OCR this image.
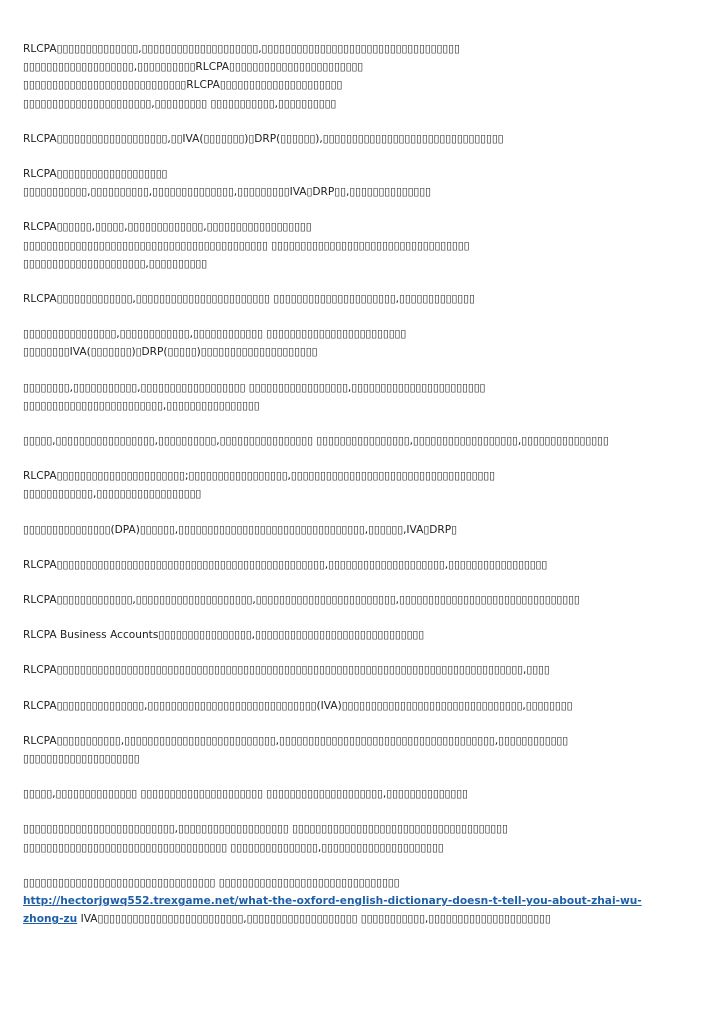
RLCPA▯▯▯▯▯▯▯▯▯▯▯▯▯▯,▯▯▯▯▯▯▯▯▯▯▯▯▯▯▯▯▯▯▯▯,▯▯▯▯▯▯▯▯▯▯▯▯▯▯▯▯▯▯▯▯▯▯▯▯▯▯▯▯▯▯▯▯▯▯
▯▯▯▯▯▯▯▯▯▯▯▯▯▯▯▯▯▯▯,▯▯▯▯▯▯▯▯▯▯RLCPA▯▯▯▯▯▯▯▯▯▯▯▯▯▯▯▯▯▯▯▯▯▯▯
▯▯▯▯▯▯▯▯▯▯▯▯▯▯▯▯▯▯▯▯▯▯▯▯▯▯▯▯RLCPA▯▯▯▯▯▯▯▯▯▯▯▯▯▯▯▯▯▯▯▯▯
▯▯▯▯▯▯▯▯▯▯▯▯▯▯▯▯▯▯▯▯▯▯,▯▯▯▯▯▯▯▯▯ ▯▯▯▯▯▯▯▯▯▯▯,▯▯▯▯▯▯▯▯▯▯
RLCPA▯▯▯▯▯▯▯▯▯▯▯▯▯▯▯▯▯▯▯,▯▯IVA(▯▯▯▯▯▯▯)▯DRP(▯▯▯▯▯▯),▯▯▯▯▯▯▯▯▯▯▯▯▯▯▯▯▯▯▯▯▯▯▯▯▯▯▯▯▯▯▯
RLCPA▯▯▯▯▯▯▯▯▯▯▯▯▯▯▯▯▯▯▯
▯▯▯▯▯▯▯▯▯▯▯,▯▯▯▯▯▯▯▯▯▯,▯▯▯▯▯▯▯▯▯▯▯▯▯▯,▯▯▯▯▯▯▯▯▯IVA▯DRP▯▯,▯▯▯▯▯▯▯▯▯▯▯▯▯▯
RLCPA▯▯▯▯▯▯,▯▯▯▯▯,▯▯▯▯▯▯▯▯▯▯▯▯▯,▯▯▯▯▯▯▯▯▯▯▯▯▯▯▯▯▯▯
▯▯▯▯▯▯▯▯▯▯▯▯▯▯▯▯▯▯▯▯▯▯▯▯▯▯▯▯▯▯▯▯▯▯▯▯▯▯▯▯▯▯ ▯▯▯▯▯▯▯▯▯▯▯▯▯▯▯▯▯▯▯▯▯▯▯▯▯▯▯▯▯▯▯▯▯▯
▯▯▯▯▯▯▯▯▯▯▯▯▯▯▯▯▯▯▯▯▯,▯▯▯▯▯▯▯▯▯▯
RLCPA▯▯▯▯▯▯▯▯▯▯▯▯▯,▯▯▯▯▯▯▯▯▯▯▯▯▯▯▯▯▯▯▯▯▯▯▯ ▯▯▯▯▯▯▯▯▯▯▯▯▯▯▯▯▯▯▯▯▯,▯▯▯▯▯▯▯▯▯▯▯▯▯
▯▯▯▯▯▯▯▯▯▯▯▯▯▯▯▯,▯▯▯▯▯▯▯▯▯▯▯▯,▯▯▯▯▯▯▯▯▯▯▯▯ ▯▯▯▯▯▯▯▯▯▯▯▯▯▯▯▯▯▯▯▯▯▯▯▯
▯▯▯▯▯▯▯▯IVA(▯▯▯▯▯▯▯)▯DRP(▯▯▯▯▯)▯▯▯▯▯▯▯▯▯▯▯▯▯▯▯▯▯▯▯▯
▯▯▯▯▯▯▯▯,▯▯▯▯▯▯▯▯▯▯▯,▯▯▯▯▯▯▯▯▯▯▯▯▯▯▯▯▯▯ ▯▯▯▯▯▯▯▯▯▯▯▯▯▯▯▯▯,▯▯▯▯▯▯▯▯▯▯▯▯▯▯▯▯▯▯▯▯▯▯▯
▯▯▯▯▯▯▯▯▯▯▯▯▯▯▯▯▯▯▯▯▯▯▯▯,▯▯▯▯▯▯▯▯▯▯▯▯▯▯▯▯
▯▯▯▯▯,▯▯▯▯▯▯▯▯▯▯▯▯▯▯▯▯▯,▯▯▯▯▯▯▯▯▯▯,▯▯▯▯▯▯▯▯▯▯▯▯▯▯▯▯ ▯▯▯▯▯▯▯▯▯▯▯▯▯▯▯▯,▯▯▯▯▯▯▯▯▯▯▯▯▯▯▯▯▯▯,▯▯▯▯▯▯▯▯▯▯▯▯▯▯▯
RLCPA▯▯▯▯▯▯▯▯▯▯▯▯▯▯▯▯▯▯▯▯▯▯;▯▯▯▯▯▯▯▯▯▯▯▯▯▯▯▯▯,▯▯▯▯▯▯▯▯▯▯▯▯▯▯▯▯▯▯▯▯▯▯▯▯▯▯▯▯▯▯▯▯▯▯▯
▯▯▯▯▯▯▯▯▯▯▯▯,▯▯▯▯▯▯▯▯▯▯▯▯▯▯▯▯▯▯
▯▯▯▯▯▯▯▯▯▯▯▯▯▯▯(DPA)▯▯▯▯▯▯,▯▯▯▯▯▯▯▯▯▯▯▯▯▯▯▯▯▯▯▯▯▯▯▯▯▯▯▯▯▯▯▯,▯▯▯▯▯▯,IVA▯DRP▯
RLCPA▯▯▯▯▯▯▯▯▯▯▯▯▯▯▯▯▯▯▯▯▯▯▯▯▯▯▯▯▯▯▯▯▯▯▯▯▯▯▯▯▯▯▯▯▯▯,▯▯▯▯▯▯▯▯▯▯▯▯▯▯▯▯▯▯▯▯,▯▯▯▯▯▯▯▯▯▯▯▯▯▯▯▯▯
RLCPA▯▯▯▯▯▯▯▯▯▯▯▯▯,▯▯▯▯▯▯▯▯▯▯▯▯▯▯▯▯▯▯▯▯,▯▯▯▯▯▯▯▯▯▯▯▯▯▯▯▯▯▯▯▯▯▯▯▯,▯▯▯▯▯▯▯▯▯▯▯▯▯▯▯▯▯▯▯▯▯▯▯▯▯▯▯▯▯▯▯
RLCPA Business Accounts▯▯▯▯▯▯▯▯▯▯▯▯▯▯▯▯,▯▯▯▯▯▯▯▯▯▯▯▯▯▯▯▯▯▯▯▯▯▯▯▯▯▯▯▯▯
RLCPA▯▯▯▯▯▯▯▯▯▯▯▯▯▯▯▯▯▯▯▯▯▯▯▯▯▯▯▯▯▯▯▯▯▯▯▯▯▯▯▯▯▯▯▯▯▯▯▯▯▯▯▯▯▯▯▯▯▯▯▯▯▯▯▯▯▯▯▯▯▯▯▯▯▯▯▯▯▯▯▯,▯▯▯▯
RLCPA▯▯▯▯▯▯▯▯▯▯▯▯▯▯▯,▯▯▯▯▯▯▯▯▯▯▯▯▯▯▯▯▯▯▯▯▯▯▯▯▯▯▯▯▯(IVA)▯▯▯▯▯▯▯▯▯▯▯▯▯▯▯▯▯▯▯▯▯▯▯▯▯▯▯▯▯▯▯,▯▯▯▯▯▯▯▯
RLCPA▯▯▯▯▯▯▯▯▯▯▯,▯▯▯▯▯▯▯▯▯▯▯▯▯▯▯▯▯▯▯▯▯▯▯▯▯▯,▯▯▯▯▯▯▯▯▯▯▯▯▯▯▯▯▯▯▯▯▯▯▯▯▯▯▯▯▯▯▯▯▯▯▯▯▯,▯▯▯▯▯▯▯▯▯▯▯▯
▯▯▯▯▯▯▯▯▯▯▯▯▯▯▯▯▯▯▯▯
▯▯▯▯▯,▯▯▯▯▯▯▯▯▯▯▯▯▯▯ ▯▯▯▯▯▯▯▯▯▯▯▯▯▯▯▯▯▯▯▯▯ ▯▯▯▯▯▯▯▯▯▯▯▯▯▯▯▯▯▯▯▯,▯▯▯▯▯▯▯▯▯▯▯▯▯▯
▯▯▯▯▯▯▯▯▯▯▯▯▯▯▯▯▯▯▯▯▯▯▯▯▯▯,▯▯▯▯▯▯▯▯▯▯▯▯▯▯▯▯▯▯▯ ▯▯▯▯▯▯▯▯▯▯▯▯▯▯▯▯▯▯▯▯▯▯▯▯▯▯▯▯▯▯▯▯▯▯▯▯▯
▯▯▯▯▯▯▯▯▯▯▯▯▯▯▯▯▯▯▯▯▯▯▯▯▯▯▯▯▯▯▯▯▯▯▯ ▯▯▯▯▯▯▯▯▯▯▯▯▯▯▯,▯▯▯▯▯▯▯▯▯▯▯▯▯▯▯▯▯▯▯▯▯
▯▯▯▯▯▯▯▯▯▯▯▯▯▯▯▯▯▯▯▯▯▯▯▯▯▯▯▯▯▯▯▯▯ ▯▯▯▯▯▯▯▯▯▯▯▯▯▯▯▯▯▯▯▯▯▯▯▯▯▯▯▯▯▯▯
http://hectorjgwq552.trexgame.net/what-the-oxford-english-dictionary-doesn-t-tell-you-about-zhai-wu-
zhong-zu IVA▯▯▯▯▯▯▯▯▯▯▯▯▯▯▯▯▯▯▯▯▯▯▯▯▯,▯▯▯▯▯▯▯▯▯▯▯▯▯▯▯▯▯▯▯ ▯▯▯▯▯▯▯▯▯▯▯,▯▯▯▯▯▯▯▯▯▯▯▯▯▯▯▯▯▯▯▯▯
